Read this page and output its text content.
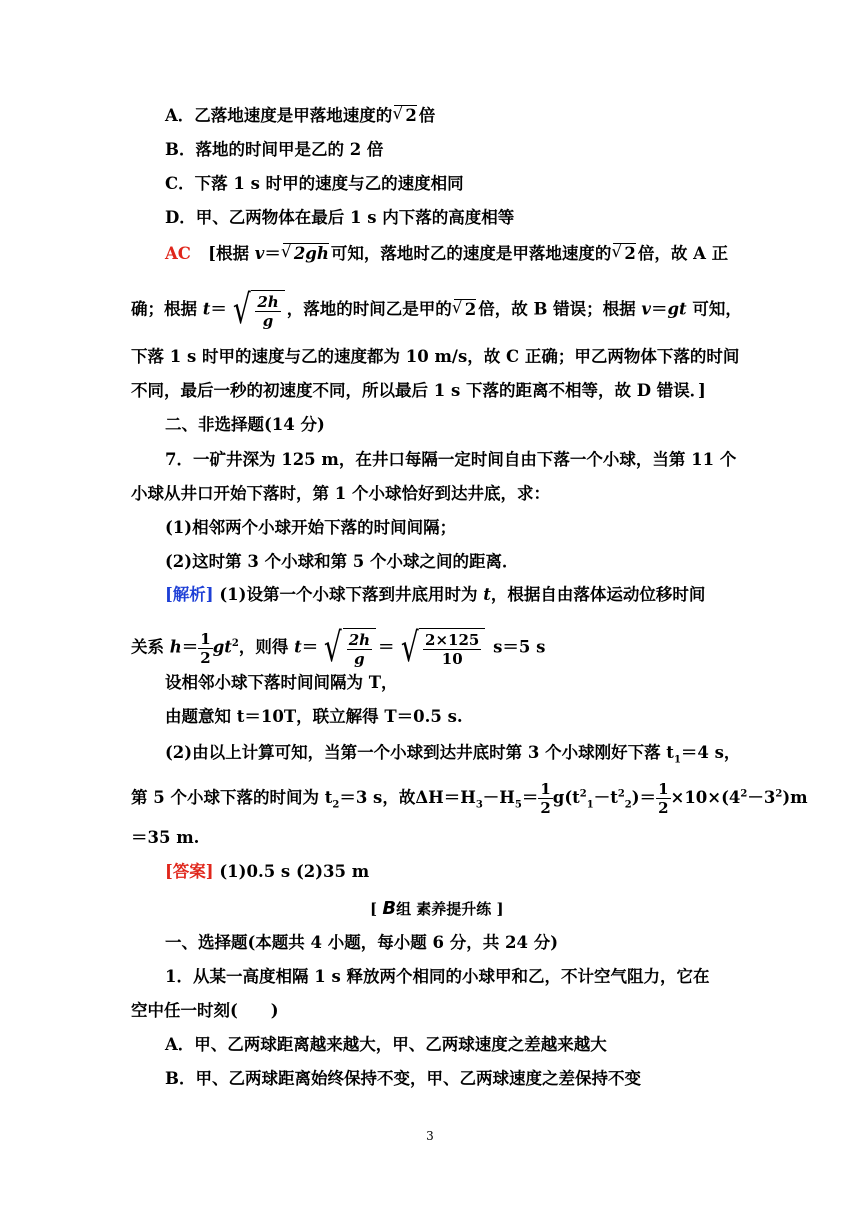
A．乙落地速度是甲落地速度的 √ 2 倍
B．落地的时间甲是乙的 2 倍
C．下落 1 s 时甲的速度与乙的速度相同
D．甲、乙两物体在最后 1 s 内下落的高度相等
AC [根据 v＝ √ 2gh 可知，落地时乙的速度是甲落地速度的 √ 2 倍，故 A 正
确；根据 t＝ √ $\frac{2h}{g}$ ，落地的时间乙是甲的 √ 2 倍，故 B 错误；根据 v＝gt 可知，
下落 1 s 时甲的速度与乙的速度都为 10 m/s，故 C 正确；甲乙两物体下落的时间
不同，最后一秒的初速度不同，所以最后 1 s 下落的距离不相等，故 D 错误．]
二、非选择题(14 分)
7．一矿井深为 125 m，在井口每隔一定时间自由下落一个小球，当第 11 个
小球从井口开始下落时，第 1 个小球恰好到达井底，求：
(1)相邻两个小球开始下落的时间间隔；
(2)这时第 3 个小球和第 5 个小球之间的距离．
[解析] (1)设第一个小球下落到井底用时为 t，根据自由落体运动位移时间
关系 $h= \frac{1}{2} gt^2$，则得 t＝ √ $\frac{2h}{g}$ ＝ √ $\frac{2\times 125}{10} s=5$ s
设相邻小球下落时间间隔为 T，
由题意知 t＝10T，联立解得 T＝0.5 s.
(2)由以上计算可知，当第一个小球到达井底时第 3 个小球刚好下落 $t_1=4$ s，
第 5 个小球下落的时间为 $t_2=3$ s，故$\Delta H=H_3-H_5= \frac{1}{2} g(t^2_1-t^2_2)= \frac{1}{2} \times 10\times(4^2-3^2)m$
＝35 m.
[答案] (1)0.5 s (2)35 m
[ B组 素养提升练 ]
一、选择题(本题共 4 小题，每小题 6 分，共 24 分)
1．从某一高度相隔 1 s 释放两个相同的小球甲和乙，不计空气阻力，它在
空中任一时刻(　　)
A．甲、乙两球距离越来越大，甲、乙两球速度之差越来越大
B．甲、乙两球距离始终保持不变，甲、乙两球速度之差保持不变
3
